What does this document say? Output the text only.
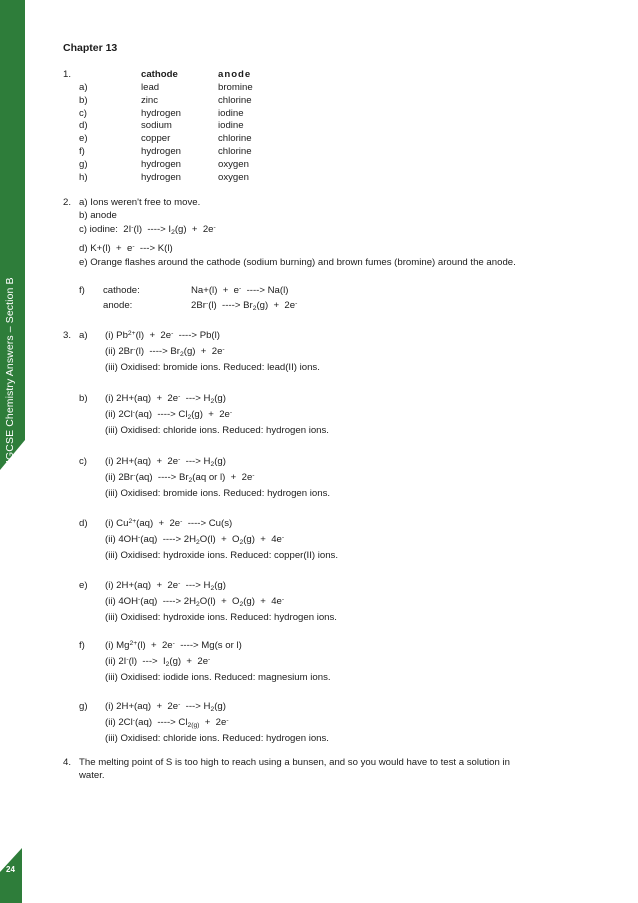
IGCSE Chemistry Answers – Section B
24
Chapter 13
1.	cathode	anode
a)	lead	bromine
b)	zinc	chlorine
c)	hydrogen	iodine
d)	sodium	iodine
e)	copper	chlorine
f)	hydrogen	chlorine
g)	hydrogen	oxygen
h)	hydrogen	oxygen
2. a) Ions weren't free to move.
b) anode
c) iodine:  2I-(l)  ----> $I_2(g) + 2e^-$
d) K+(l)  +  e-  ---> K(l)
e) Orange flashes around the cathode (sodium burning) and brown fumes (bromine) around the anode.
f) cathode:	Na+(l)  +  e-  ----> Na(l)
anode:	2Br-(l)  ----> $Br_2(g) + 2e^-$
3. a) (i) $Pb^{2+}(l) + 2e^-$  ----> Pb(l)
(ii) 2Br-(l)  ----> $Br_2(g) + 2e^-$
(iii) Oxidised: bromide ions. Reduced: lead(II) ions.
b) (i) 2H+(aq)  +  2e-  ---> $H_2(g)$
(ii) 2Cl-(aq)  ----> $Cl_2(g) + 2e^-$
(iii) Oxidised: chloride ions. Reduced: hydrogen ions.
c) (i) 2H+(aq)  +  2e-  ---> $H_2(g)$
(ii) 2Br-(aq)  ----> $Br_2(aq$ or l)  +  2e-
(iii) Oxidised: bromide ions. Reduced: hydrogen ions.
d) (i) $Cu^{2+}(aq) + 2e^-$  ----> Cu(s)
(ii) 4OH-(aq)  ----> $2H_2O(l) + O_2(g) + 4e^-$
(iii) Oxidised: hydroxide ions. Reduced: copper(II) ions.
e) (i) 2H+(aq)  +  2e-  ---> $H_2(g)$
(ii) 4OH-(aq)  ----> $2H_2O(l) + O_2(g) + 4e^-$
(iii) Oxidised: hydroxide ions. Reduced: hydrogen ions.
f) (i) $Mg^{2+}(l) + 2e^-$  ----> Mg(s or l)
(ii) 2I-(l)  --->  $I_2(g) + 2e^-$
(iii) Oxidised: iodide ions. Reduced: magnesium ions.
g) (i) 2H+(aq)  +  2e-  ---> $H_2(g)$
(ii) 2Cl-(aq)  ----> $Cl_{2(g)} + 2e^-$
(iii) Oxidised: chloride ions. Reduced: hydrogen ions.
4. The melting point of S is too high to reach using a bunsen, and so you would have to test a solution in water.
